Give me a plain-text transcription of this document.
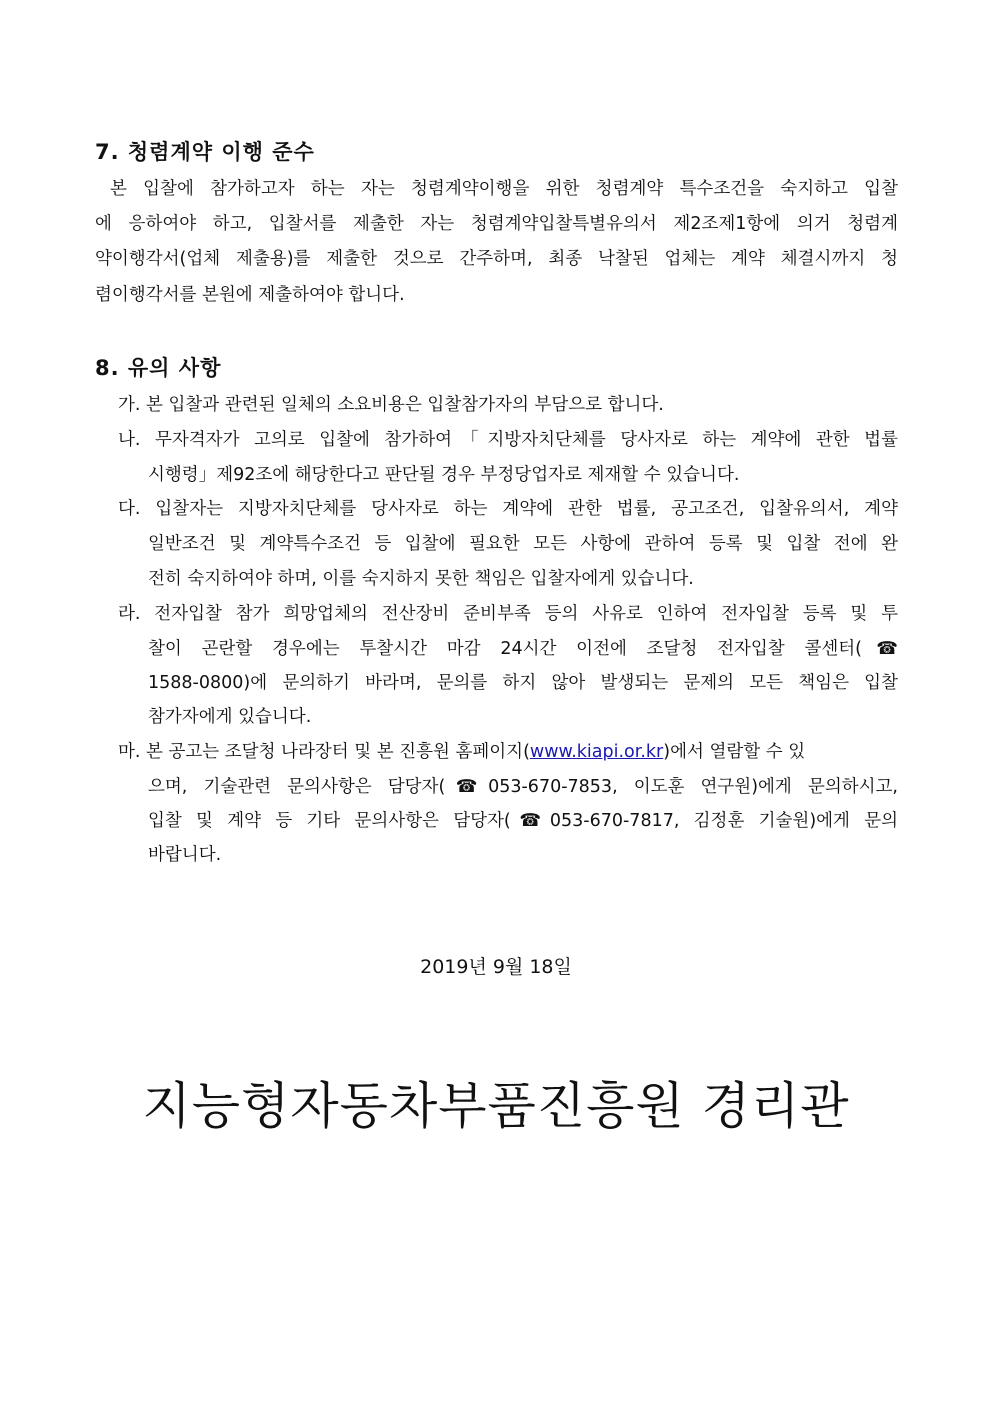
7. 청렴계약 이행 준수
본 입찰에 참가하고자 하는 자는 청렴계약이행을 위한 청렴계약 특수조건을 숙지하고 입찰
에 응하여야 하고, 입찰서를 제출한 자는 청렴계약입찰특별유의서 제2조제1항에 의거 청렴계
약이행각서(업체 제출용)를 제출한 것으로 간주하며, 최종 낙찰된 업체는 계약 체결시까지 청
렴이행각서를 본원에 제출하여야 합니다.
8. 유의 사항
가. 본 입찰과 관련된 일체의 소요비용은 입찰참가자의 부담으로 합니다.
나. 무자격자가 고의로 입찰에 참가하여「지방자치단체를 당사자로 하는 계약에 관한 법률
시행령」제92조에 해당한다고 판단될 경우 부정당업자로 제재할 수 있습니다.
다. 입찰자는 지방자치단체를 당사자로 하는 계약에 관한 법률, 공고조건, 입찰유의서, 계약
일반조건 및 계약특수조건 등 입찰에 필요한 모든 사항에 관하여 등록 및 입찰 전에 완
전히 숙지하여야 하며, 이를 숙지하지 못한 책임은 입찰자에게 있습니다.
라. 전자입찰 참가 희망업체의 전산장비 준비부족 등의 사유로 인하여 전자입찰 등록 및 투
찰이 곤란할 경우에는 투찰시간 마감 24시간 이전에 조달청 전자입찰 콜센터(☎
1588-0800)에 문의하기 바라며, 문의를 하지 않아 발생되는 문제의 모든 책임은 입찰
참가자에게 있습니다.
마. 본 공고는 조달청 나라장터 및 본 진흥원 홈페이지(www.kiapi.or.kr)에서 열람할 수 있
으며, 기술관련 문의사항은 담당자(☎053-670-7853, 이도훈 연구원)에게 문의하시고,
입찰 및 계약 등 기타 문의사항은 담당자(☎053-670-7817, 김정훈 기술원)에게 문의
바랍니다.
2019년 9월 18일
지능형자동차부품진흥원 경리관
